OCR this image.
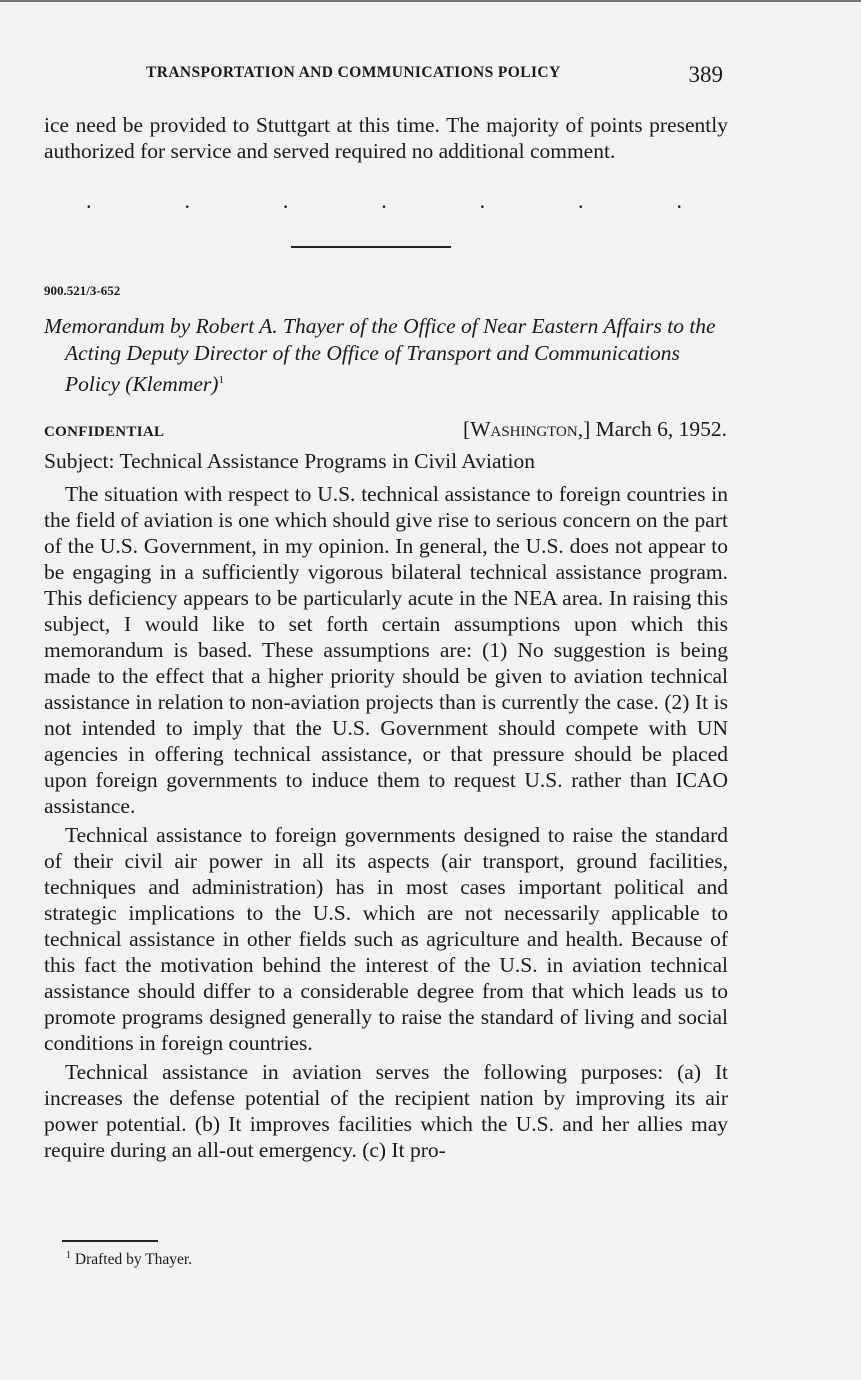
TRANSPORTATION AND COMMUNICATIONS POLICY	389

ice need be provided to Stuttgart at this time. The majority of points presently authorized for service and served required no additional comment.

.	.	.	.	.	.	.
900.521/3-652
Memorandum by Robert A. Thayer of the Office of Near Eastern Affairs to the Acting Deputy Director of the Office of Transport and Communications Policy (Klemmer)$^1$
CONFIDENTIAL	[Washington,] March 6, 1952.
Subject: Technical Assistance Programs in Civil Aviation

The situation with respect to U.S. technical assistance to foreign countries in the field of aviation is one which should give rise to serious concern on the part of the U.S. Government, in my opinion. In general, the U.S. does not appear to be engaging in a sufficiently vigorous bilateral technical assistance program. This deficiency appears to be particularly acute in the NEA area. In raising this subject, I would like to set forth certain assumptions upon which this memorandum is based. These assumptions are: (1) No suggestion is being made to the effect that a higher priority should be given to aviation technical assistance in relation to non-aviation projects than is currently the case. (2) It is not intended to imply that the U.S. Government should compete with UN agencies in offering technical assistance, or that pressure should be placed upon foreign governments to induce them to request U.S. rather than ICAO assistance.

Technical assistance to foreign governments designed to raise the standard of their civil air power in all its aspects (air transport, ground facilities, techniques and administration) has in most cases important political and strategic implications to the U.S. which are not necessarily applicable to technical assistance in other fields such as agriculture and health. Because of this fact the motivation behind the interest of the U.S. in aviation technical assistance should differ to a considerable degree from that which leads us to promote programs designed generally to raise the standard of living and social conditions in foreign countries.

Technical assistance in aviation serves the following purposes: (a) It increases the defense potential of the recipient nation by improving its air power potential. (b) It improves facilities which the U.S. and her allies may require during an all-out emergency. (c) It pro-

$^1$ Drafted by Thayer.
